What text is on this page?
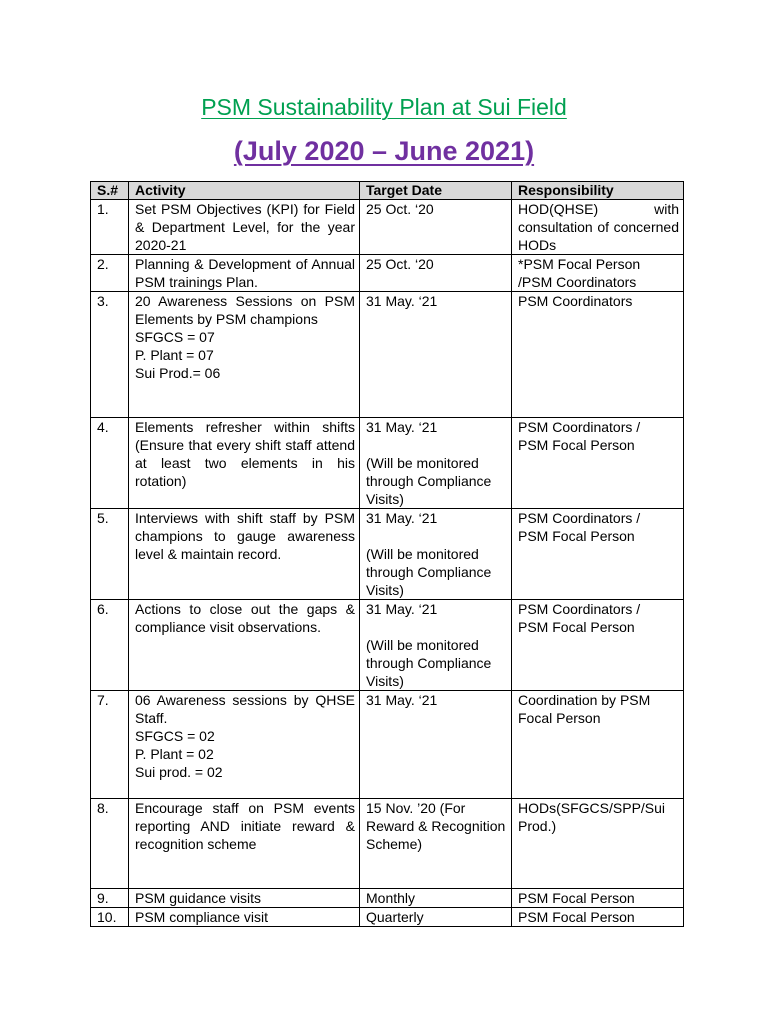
PSM Sustainability Plan at Sui Field
(July 2020 – June 2021)
S.#	Activity	Target Date	Responsibility
1.	Set PSM Objectives (KPI) for Field & Department Level, for the year 2020-21	25 Oct. ‘20	HOD(QHSE) with consultation of concerned HODs
2.	Planning & Development of Annual PSM trainings Plan.	25 Oct. ‘20	*PSM Focal Person
/PSM Coordinators

3.	20 Awareness Sessions on PSM Elements by PSM champions
SFGCS = 07
P. Plant = 07
Sui Prod.= 06	31 May. ‘21	PSM Coordinators
4.	Elements refresher within shifts (Ensure that every shift staff attend at least two elements in his rotation)	31 May. ‘21
(Will be monitored through Compliance Visits)	PSM Coordinators /
PSM Focal Person

5.	Interviews with shift staff by PSM champions to gauge awareness level & maintain record.	31 May. ‘21
(Will be monitored through Compliance Visits)	PSM Coordinators /
PSM Focal Person

6.	Actions to close out the gaps & compliance visit observations.	31 May. ‘21
(Will be monitored through Compliance Visits)	PSM Coordinators /
PSM Focal Person

7.	06 Awareness sessions by QHSE Staff.
SFGCS = 02
P. Plant = 02
Sui prod. = 02	31 May. ‘21	Coordination by PSM Focal Person
8.	Encourage staff on PSM events reporting AND initiate reward & recognition scheme	15 Nov. ’20 (For Reward & Recognition Scheme)	HODs(SFGCS/SPP/Sui Prod.)
9.	PSM guidance visits	Monthly	PSM Focal Person
10.	PSM compliance visit	Quarterly	PSM Focal Person
